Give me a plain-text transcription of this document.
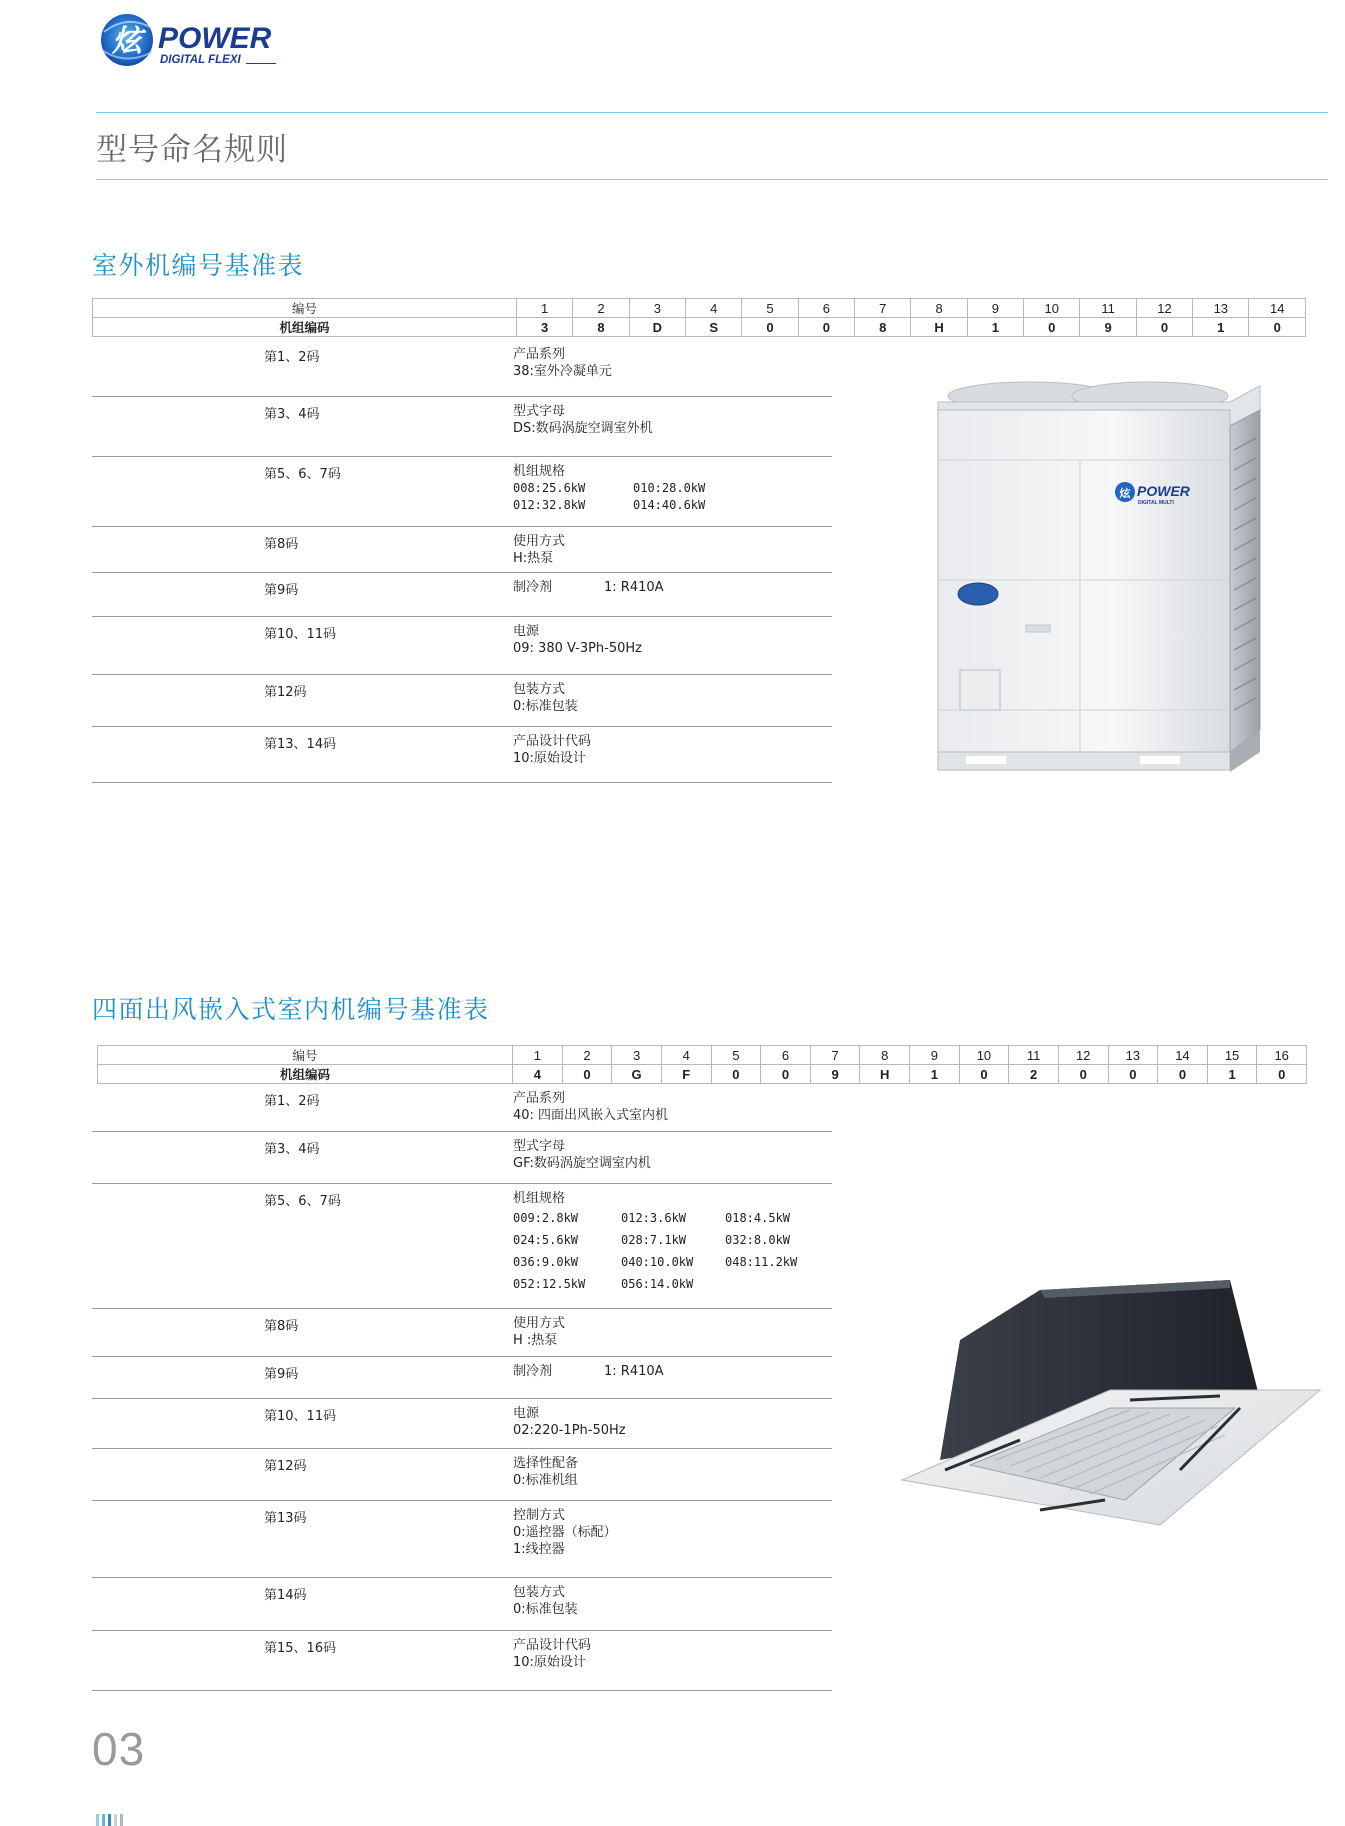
炫 POWER
DIGITAL FLEXI
型号命名规则
室外机编号基准表
编号	1	2	3	4	5	6	7	8	9	10	11	12	13	14
机组编码	3	8	D	S	0	0	8	H	1	0	9	0	1	0
第1、2码	产品系列
38:室外冷凝单元
第3、4码	型式字母
DS:数码涡旋空调室外机
第5、6、7码	机组规格
008:25.6kW	010:28.0kW
012:32.8kW	014:40.6kW
第8码	使用方式
H:热泵
第9码	制冷剂	1: R410A
第10、11码	电源
09: 380 V-3Ph-50Hz
第12码	包装方式
0:标准包装
第13、14码	产品设计代码
10:原始设计
炫 POWER
DIGITAL MULTI
四面出风嵌入式室内机编号基准表
编号	1	2	3	4	5	6	7	8	9	10	11	12	13	14	15	16
机组编码	4	0	G	F	0	0	9	H	1	0	2	0	0	0	1	0
第1、2码	产品系列
40: 四面出风嵌入式室内机
第3、4码	型式字母
GF:数码涡旋空调室内机
第5、6、7码	机组规格
009:2.8kW	012:3.6kW	018:4.5kW
024:5.6kW	028:7.1kW	032:8.0kW
036:9.0kW	040:10.0kW	048:11.2kW
052:12.5kW	056:14.0kW
第8码	使用方式
H :热泵
第9码	制冷剂	1: R410A
第10、11码	电源
02:220-1Ph-50Hz
第12码	选择性配备
0:标准机组
第13码	控制方式
0:遥控器（标配）
1:线控器
第14码	包装方式
0:标准包装
第15、16码	产品设计代码
10:原始设计
03
